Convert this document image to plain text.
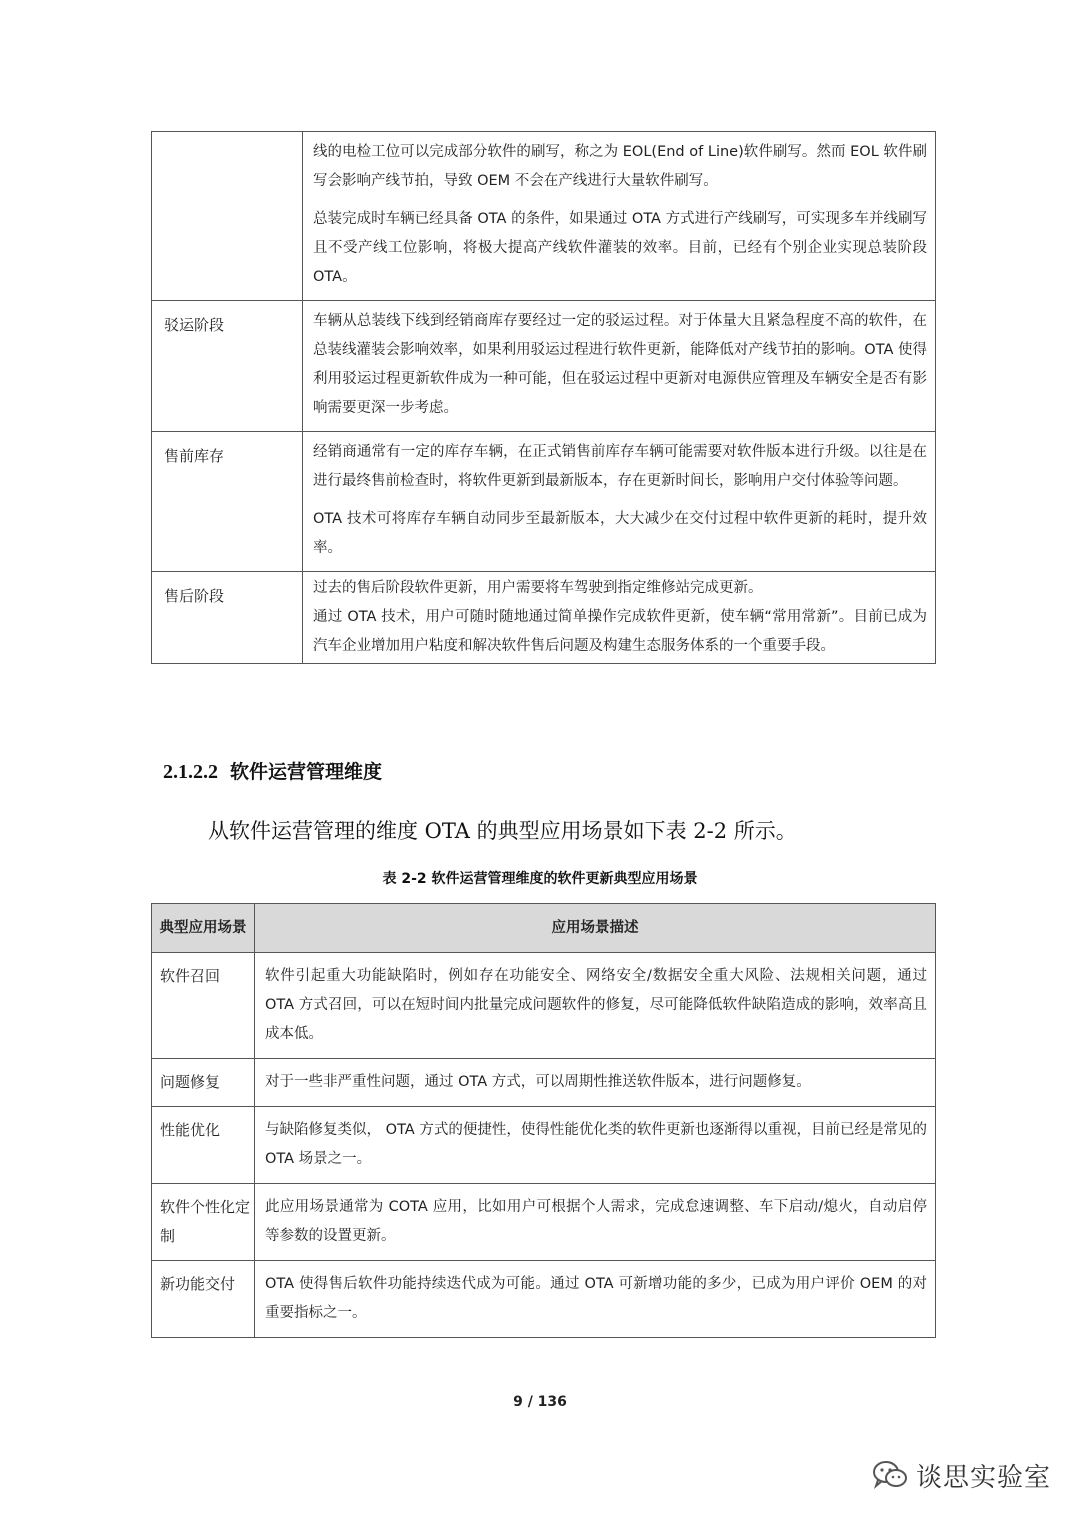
	线的电检工位可以完成部分软件的刷写，称之为 EOL(End of Line)软件刷写。然而 EOL 软件刷写会影响产线节拍，导致 OEM 不会在产线进行大量软件刷写。

总装完成时车辆已经具备 OTA 的条件，如果通过 OTA 方式进行产线刷写，可实现多车并线刷写且不受产线工位影响，将极大提高产线软件灌装的效率。目前，已经有个别企业实现总装阶段 OTA。

驳运阶段	车辆从总装线下线到经销商库存要经过一定的驳运过程。对于体量大且紧急程度不高的软件，在总装线灌装会影响效率，如果利用驳运过程进行软件更新，能降低对产线节拍的影响。OTA 使得利用驳运过程更新软件成为一种可能，但在驳运过程中更新对电源供应管理及车辆安全是否有影响需要更深一步考虑。

售前库存	经销商通常有一定的库存车辆，在正式销售前库存车辆可能需要对软件版本进行升级。以往是在进行最终售前检查时，将软件更新到最新版本，存在更新时间长，影响用户交付体验等问题。

OTA 技术可将库存车辆自动同步至最新版本，大大减少在交付过程中软件更新的耗时，提升效率。

售后阶段	过去的售后阶段软件更新，用户需要将车驾驶到指定维修站完成更新。

通过 OTA 技术，用户可随时随地通过简单操作完成软件更新，使车辆“常用常新”。目前已成为汽车企业增加用户粘度和解决软件售后问题及构建生态服务体系的一个重要手段。

2.1.2.2 软件运营管理维度

从软件运营管理的维度 OTA 的典型应用场景如下表 2-2 所示。

表 2-2 软件运营管理维度的软件更新典型应用场景

典型应用场景	应用场景描述
软件召回	软件引起重大功能缺陷时，例如存在功能安全、网络安全/数据安全重大风险、法规相关问题，通过 OTA 方式召回，可以在短时间内批量完成问题软件的修复，尽可能降低软件缺陷造成的影响，效率高且成本低。
问题修复	对于一些非严重性问题，通过 OTA 方式，可以周期性推送软件版本，进行问题修复。
性能优化	与缺陷修复类似， OTA 方式的便捷性，使得性能优化类的软件更新也逐渐得以重视，目前已经是常见的 OTA 场景之一。
软件个性化定制	此应用场景通常为 COTA 应用，比如用户可根据个人需求，完成怠速调整、车下启动/熄火，自动启停等参数的设置更新。
新功能交付	OTA 使得售后软件功能持续迭代成为可能。通过 OTA 可新增功能的多少，已成为用户评价 OEM 的对重要指标之一。
9 / 136
谈思实验室
